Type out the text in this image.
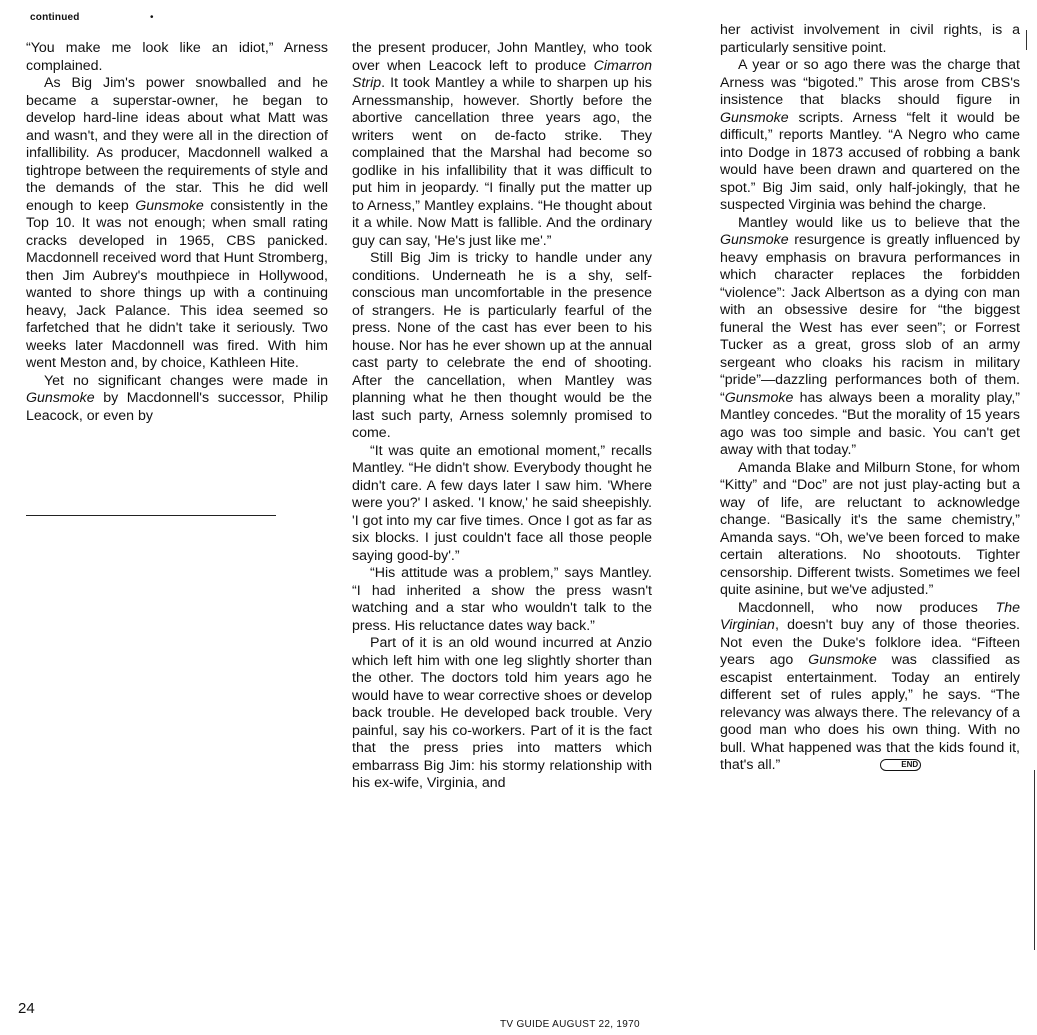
continued	•

“You make me look like an idiot,” Arness complained.

As Big Jim's power snowballed and he became a superstar-owner, he began to develop hard-line ideas about what Matt was and wasn't, and they were all in the direction of infallibility. As producer, Macdonnell walked a tightrope between the requirements of style and the demands of the star. This he did well enough to keep Gunsmoke consistently in the Top 10. It was not enough; when small rating cracks developed in 1965, CBS panicked. Macdonnell received word that Hunt Stromberg, then Jim Aubrey's mouthpiece in Hollywood, wanted to shore things up with a continuing heavy, Jack Palance. This idea seemed so farfetched that he didn't take it seriously. Two weeks later Macdonnell was fired. With him went Meston and, by choice, Kathleen Hite.

Yet no significant changes were made in Gunsmoke by Macdonnell's successor, Philip Leacock, or even by

the present producer, John Mantley, who took over when Leacock left to produce Cimarron Strip. It took Mantley a while to sharpen up his Arnessmanship, however. Shortly before the abortive cancellation three years ago, the writers went on de-facto strike. They complained that the Marshal had become so godlike in his infallibility that it was difficult to put him in jeopardy. “I finally put the matter up to Arness,” Mantley explains. “He thought about it a while. Now Matt is fallible. And the ordinary guy can say, 'He's just like me'.”

Still Big Jim is tricky to handle under any conditions. Underneath he is a shy, self-conscious man uncomfortable in the presence of strangers. He is particularly fearful of the press. None of the cast has ever been to his house. Nor has he ever shown up at the annual cast party to celebrate the end of shooting. After the cancellation, when Mantley was planning what he then thought would be the last such party, Arness solemnly promised to come.

“It was quite an emotional moment,” recalls Mantley. “He didn't show. Everybody thought he didn't care. A few days later I saw him. 'Where were you?' I asked. 'I know,' he said sheepishly. 'I got into my car five times. Once I got as far as six blocks. I just couldn't face all those people saying good-by'.”

“His attitude was a problem,” says Mantley. “I had inherited a show the press wasn't watching and a star who wouldn't talk to the press. His reluctance dates way back.”

Part of it is an old wound incurred at Anzio which left him with one leg slightly shorter than the other. The doctors told him years ago he would have to wear corrective shoes or develop back trouble. He developed back trouble. Very painful, say his co-workers. Part of it is the fact that the press pries into matters which embarrass Big Jim: his stormy relationship with his ex-wife, Virginia, and

her activist involvement in civil rights, is a particularly sensitive point.

A year or so ago there was the charge that Arness was “bigoted.” This arose from CBS's insistence that blacks should figure in Gunsmoke scripts. Arness “felt it would be difficult,” reports Mantley. “A Negro who came into Dodge in 1873 accused of robbing a bank would have been drawn and quartered on the spot.” Big Jim said, only half-jokingly, that he suspected Virginia was behind the charge.

Mantley would like us to believe that the Gunsmoke resurgence is greatly influenced by heavy emphasis on bravura performances in which character replaces the forbidden “violence”: Jack Albertson as a dying con man with an obsessive desire for “the biggest funeral the West has ever seen”; or Forrest Tucker as a great, gross slob of an army sergeant who cloaks his racism in military “pride”—dazzling performances both of them. “Gunsmoke has always been a morality play,” Mantley concedes. “But the morality of 15 years ago was too simple and basic. You can't get away with that today.”

Amanda Blake and Milburn Stone, for whom “Kitty” and “Doc” are not just play-acting but a way of life, are reluctant to acknowledge change. “Basically it's the same chemistry,” Amanda says. “Oh, we've been forced to make certain alterations. No shootouts. Tighter censorship. Different twists. Sometimes we feel quite asinine, but we've adjusted.”

Macdonnell, who now produces The Virginian, doesn't buy any of those theories. Not even the Duke's folklore idea. “Fifteen years ago Gunsmoke was classified as escapist entertainment. Today an entirely different set of rules apply,” he says. “The relevancy was always there. The relevancy of a good man who does his own thing. With no bull. What happened was that the kids found it, that's all.”	END

24
TV GUIDE AUGUST 22, 1970
